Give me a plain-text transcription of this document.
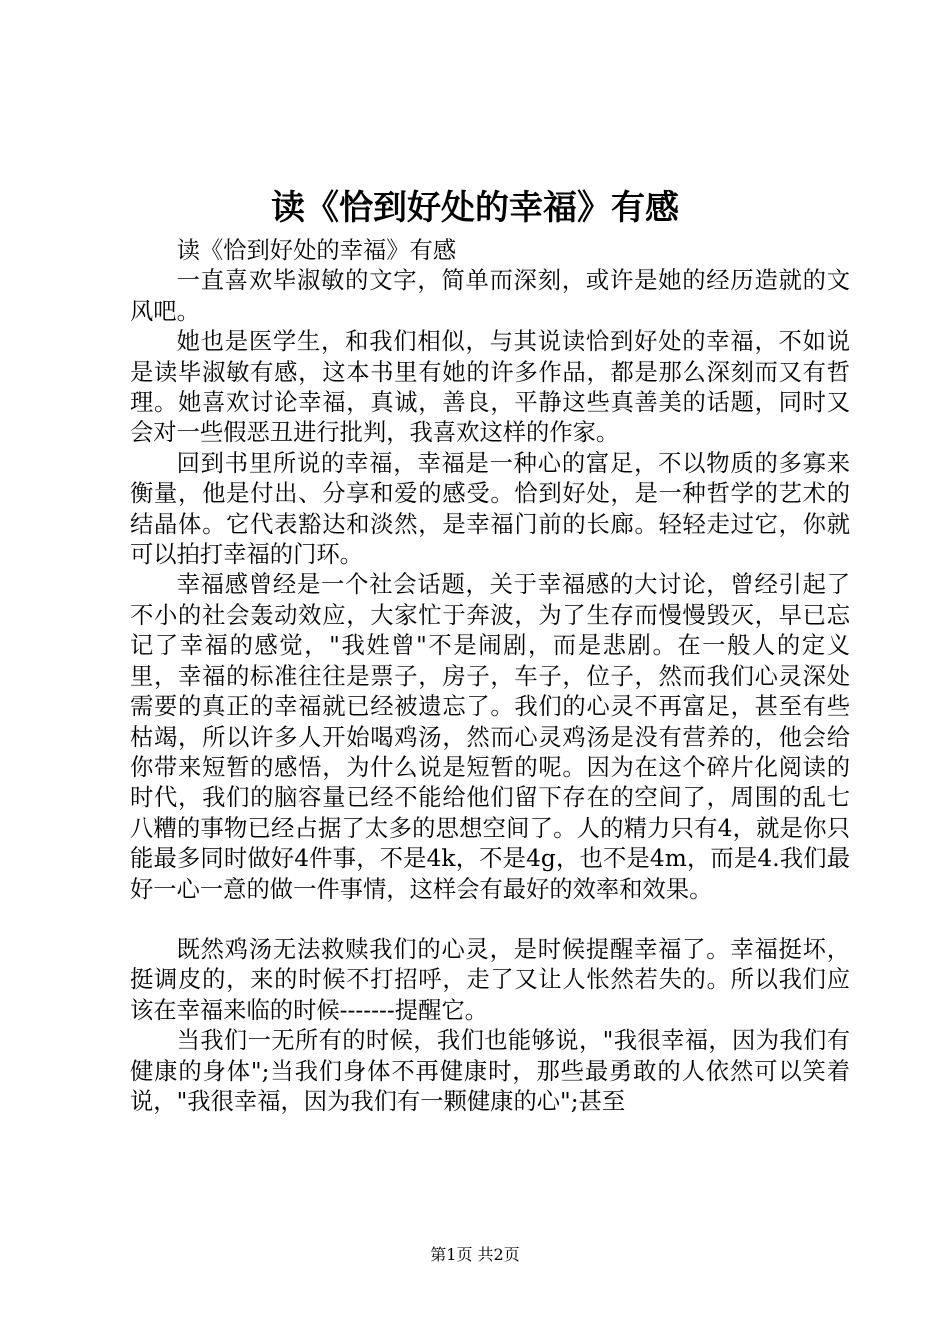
读《恰到好处的幸福》有感

读《恰到好处的幸福》有感

一直喜欢毕淑敏的文字，简单而深刻，或许是她的经历造就的文风吧。

她也是医学生，和我们相似，与其说读恰到好处的幸福，不如说是读毕淑敏有感，这本书里有她的许多作品，都是那么深刻而又有哲理。她喜欢讨论幸福，真诚，善良，平静这些真善美的话题，同时又会对一些假恶丑进行批判，我喜欢这样的作家。

回到书里所说的幸福，幸福是一种心的富足，不以物质的多寡来衡量，他是付出、分享和爱的感受。恰到好处，是一种哲学的艺术的结晶体。它代表豁达和淡然，是幸福门前的长廊。轻轻走过它，你就可以拍打幸福的门环。

幸福感曾经是一个社会话题，关于幸福感的大讨论，曾经引起了不小的社会轰动效应，大家忙于奔波，为了生存而慢慢毁灭，早已忘记了幸福的感觉，"我姓曾"不是闹剧，而是悲剧。在一般人的定义里，幸福的标准往往是票子，房子，车子，位子，然而我们心灵深处需要的真正的幸福就已经被遗忘了。我们的心灵不再富足，甚至有些枯竭，所以许多人开始喝鸡汤，然而心灵鸡汤是没有营养的，他会给你带来短暂的感悟，为什么说是短暂的呢。因为在这个碎片化阅读的时代，我们的脑容量已经不能给他们留下存在的空间了，周围的乱七八糟的事物已经占据了太多的思想空间了。人的精力只有4，就是你只能最多同时做好4件事，不是4k，不是4g，也不是4m，而是4.我们最好一心一意的做一件事情，这样会有最好的效率和效果。

既然鸡汤无法救赎我们的心灵，是时候提醒幸福了。幸福挺坏，挺调皮的，来的时候不打招呼，走了又让人怅然若失的。所以我们应该在幸福来临的时候-------提醒它。

当我们一无所有的时候，我们也能够说，"我很幸福，因为我们有健康的身体";当我们身体不再健康时，那些最勇敢的人依然可以笑着说，"我很幸福，因为我们有一颗健康的心";甚至

第1页 共2页
